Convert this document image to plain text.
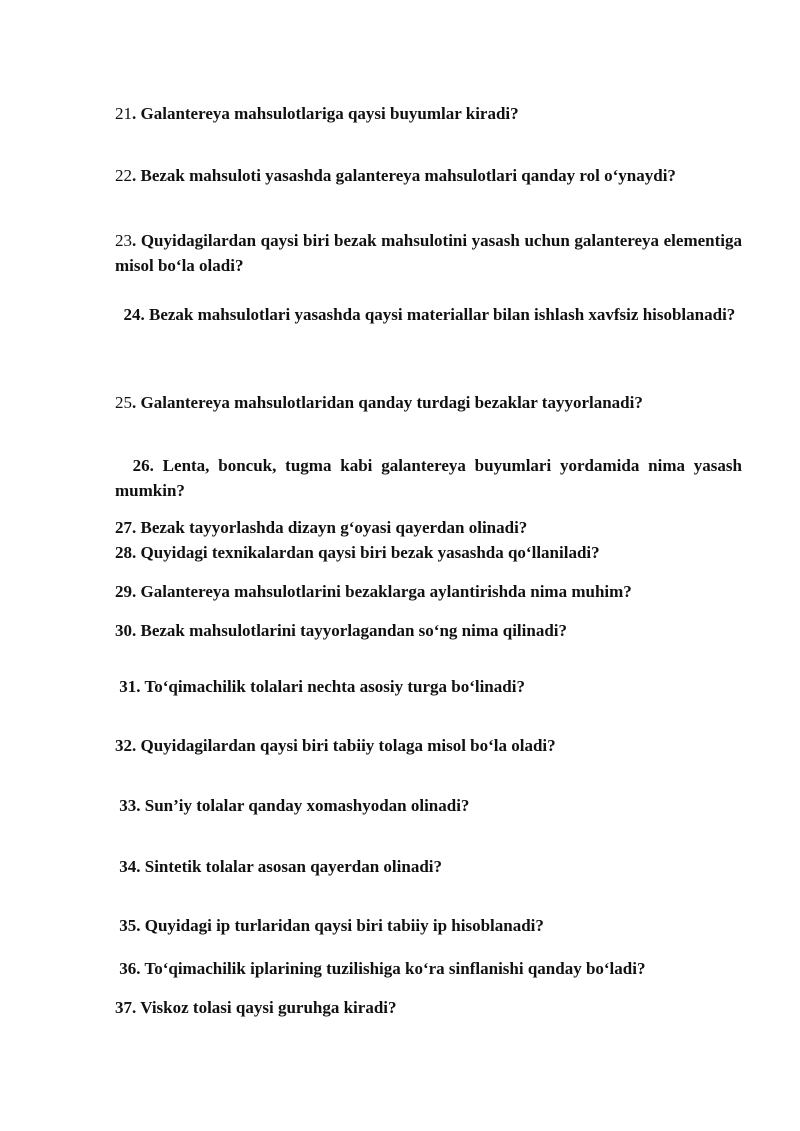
21. Galantereya mahsulotlariga qaysi buyumlar kiradi?

22. Bezak mahsuloti yasashda galantereya mahsulotlari qanday rol o‘ynaydi?

23. Quyidagilardan qaysi biri bezak mahsulotini yasash uchun galantereya elementiga misol bo‘la oladi?

24. Bezak mahsulotlari yasashda qaysi materiallar bilan ishlash xavfsiz hisoblanadi?

25. Galantereya mahsulotlaridan qanday turdagi bezaklar tayyorlanadi?

26. Lenta, boncuk, tugma kabi galantereya buyumlari yordamida nima yasash mumkin?

27. Bezak tayyorlashda dizayn g‘oyasi qayerdan olinadi?

28. Quyidagi texnikalardan qaysi biri bezak yasashda qo‘llaniladi?

29. Galantereya mahsulotlarini bezaklarga aylantirishda nima muhim?

30. Bezak mahsulotlarini tayyorlagandan so‘ng nima qilinadi?

31. To‘qimachilik tolalari nechta asosiy turga bo‘linadi?

32. Quyidagilardan qaysi biri tabiiy tolaga misol bo‘la oladi?

33. Sun’iy tolalar qanday xomashyodan olinadi?

34. Sintetik tolalar asosan qayerdan olinadi?

35. Quyidagi ip turlaridan qaysi biri tabiiy ip hisoblanadi?

36. To‘qimachilik iplarining tuzilishiga ko‘ra sinflanishi qanday bo‘ladi?

37. Viskoz tolasi qaysi guruhga kiradi?
